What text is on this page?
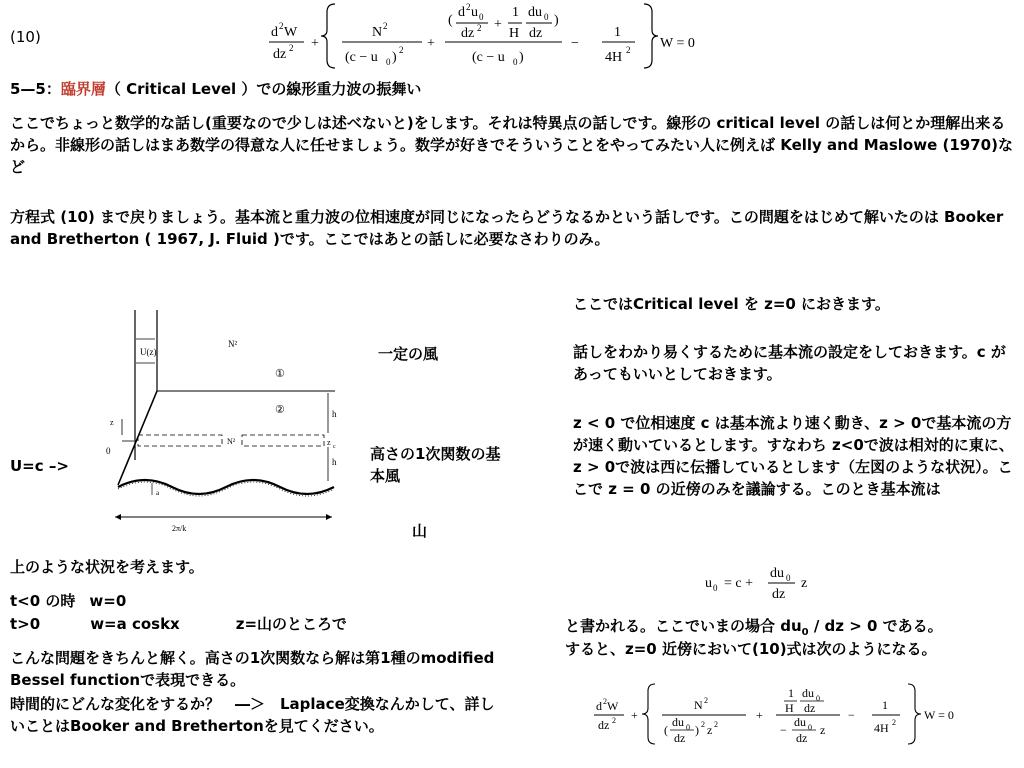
(10)	d 2 W
dz 2 +
N 2
(c − u 0 ) 2 +
(
d 2 u 0
dz 2 +
1
H
du 0
dz
)
(c − u 0 )
−
1
4H 2 W = 0
5—5：臨界層（ Critical Level ）での線形重力波の振舞い
ここでちょっと数学的な話し(重要なので少しは述べないと)をします。それは特異点の話しです。線形の critical level の話しは何とか理解出来るから。非線形の話しはまあ数学の得意な人に任せましょう。数学が好きでそういうことをやってみたい人に例えば Kelly and Maslowe (1970)など
方程式 (10) まで戻りましょう。基本流と重力波の位相速度が同じになったらどうなるかという話しです。この問題をはじめて解いたのは Booker and Bretherton ( 1967, J. Fluid )です。ここではあとの話しに必要なさわりのみ。
U(z)
N²
①
②	h
h
N²	z c
z
0
a
2π/k
U=c –>
一定の風
高さの1次関数の基本風
山
上のような状況を考えます。
t<0 の時 w=0
t>0	w=a coskx	z=山のところで
こんな問題をきちんと解く。高さの1次関数なら解は第1種のmodified Bessel functionで表現できる。
時間的にどんな変化をするか？　―＞　Laplace変換なんかして、詳しいことはBooker and Brethertonを見てください。
ここではCritical level を z=0 におきます。
話しをわかり易くするために基本流の設定をしておきます。c があってもいいとしておきます。
z < 0 で位相速度 c は基本流より速く動き、z > 0で基本流の方が速く動いているとします。すなわち z<0で波は相対的に東に、z > 0で波は西に伝播しているとします（左図のような状況）。ここで z = 0 の近傍のみを議論する。このとき基本流は
u 0 = c +
du 0
dz
z
と書かれる。ここでいまの場合 $du_0$ / dz > 0 である。
すると、z=0 近傍において(10)式は次のようになる。
d 2 W
dz 2 +
N 2
(
du 0
dz
) 2 z 2
+
1
H
du 0
dz
−
du 0
dz
z
−
1
4H 2
W = 0
